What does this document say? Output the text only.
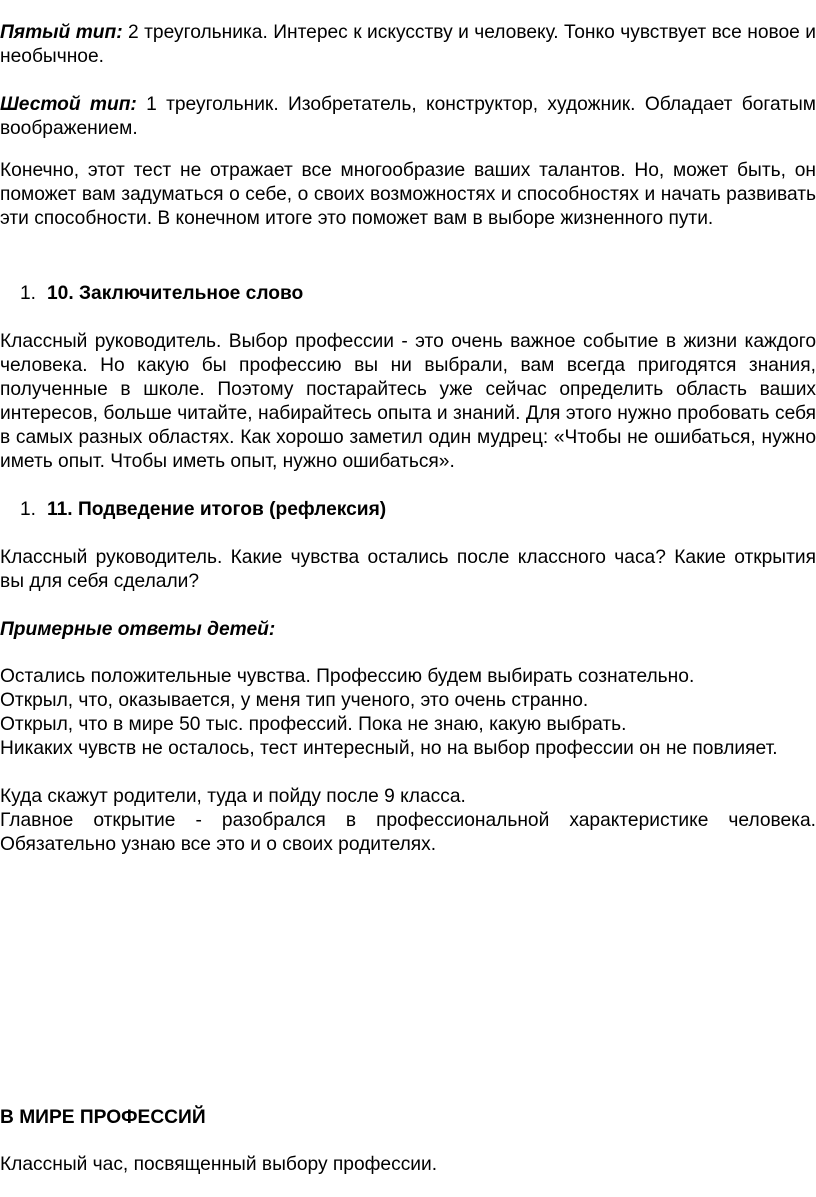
Пятый тип: 2 треугольника. Интерес к искусству и человеку. Тонко чувствует все новое и необычное.

Шестой тип: 1 треугольник. Изобретатель, конструктор, художник. Обладает богатым воображением.

Конечно, этот тест не отражает все многообразие ваших талантов. Но, может быть, он поможет вам задуматься о себе, о своих возможностях и способностях и начать развивать эти способности. В конечном итоге это поможет вам в выборе жизненного пути.

1. 10. Заключительное слово

Классный руководитель. Выбор профессии - это очень важное событие в жизни каждого человека. Но какую бы профессию вы ни выбрали, вам всегда пригодятся знания, полученные в школе. Поэтому постарайтесь уже сейчас определить область ваших интересов, больше читайте, набирайтесь опыта и знаний. Для этого нужно пробовать себя в самых разных областях. Как хорошо заметил один мудрец: «Чтобы не ошибаться, нужно иметь опыт. Чтобы иметь опыт, нужно ошибаться».

1. 11. Подведение итогов (рефлексия)

Классный руководитель. Какие чувства остались после классного часа? Какие открытия вы для себя сделали?

Примерные ответы детей:

Остались положительные чувства. Профессию будем выбирать сознательно.

Открыл, что, оказывается, у меня тип ученого, это очень странно.

Открыл, что в мире 50 тыс. профессий. Пока не знаю, какую выбрать.

Никаких чувств не осталось, тест интересный, но на выбор профессии он не повлияет.

Куда скажут родители, туда и пойду после 9 класса.

Главное открытие - разобрался в профессиональной характеристике человека. Обязательно узнаю все это и о своих родителях.

В МИРЕ ПРОФЕССИЙ

Классный час, посвященный выбору профессии.
